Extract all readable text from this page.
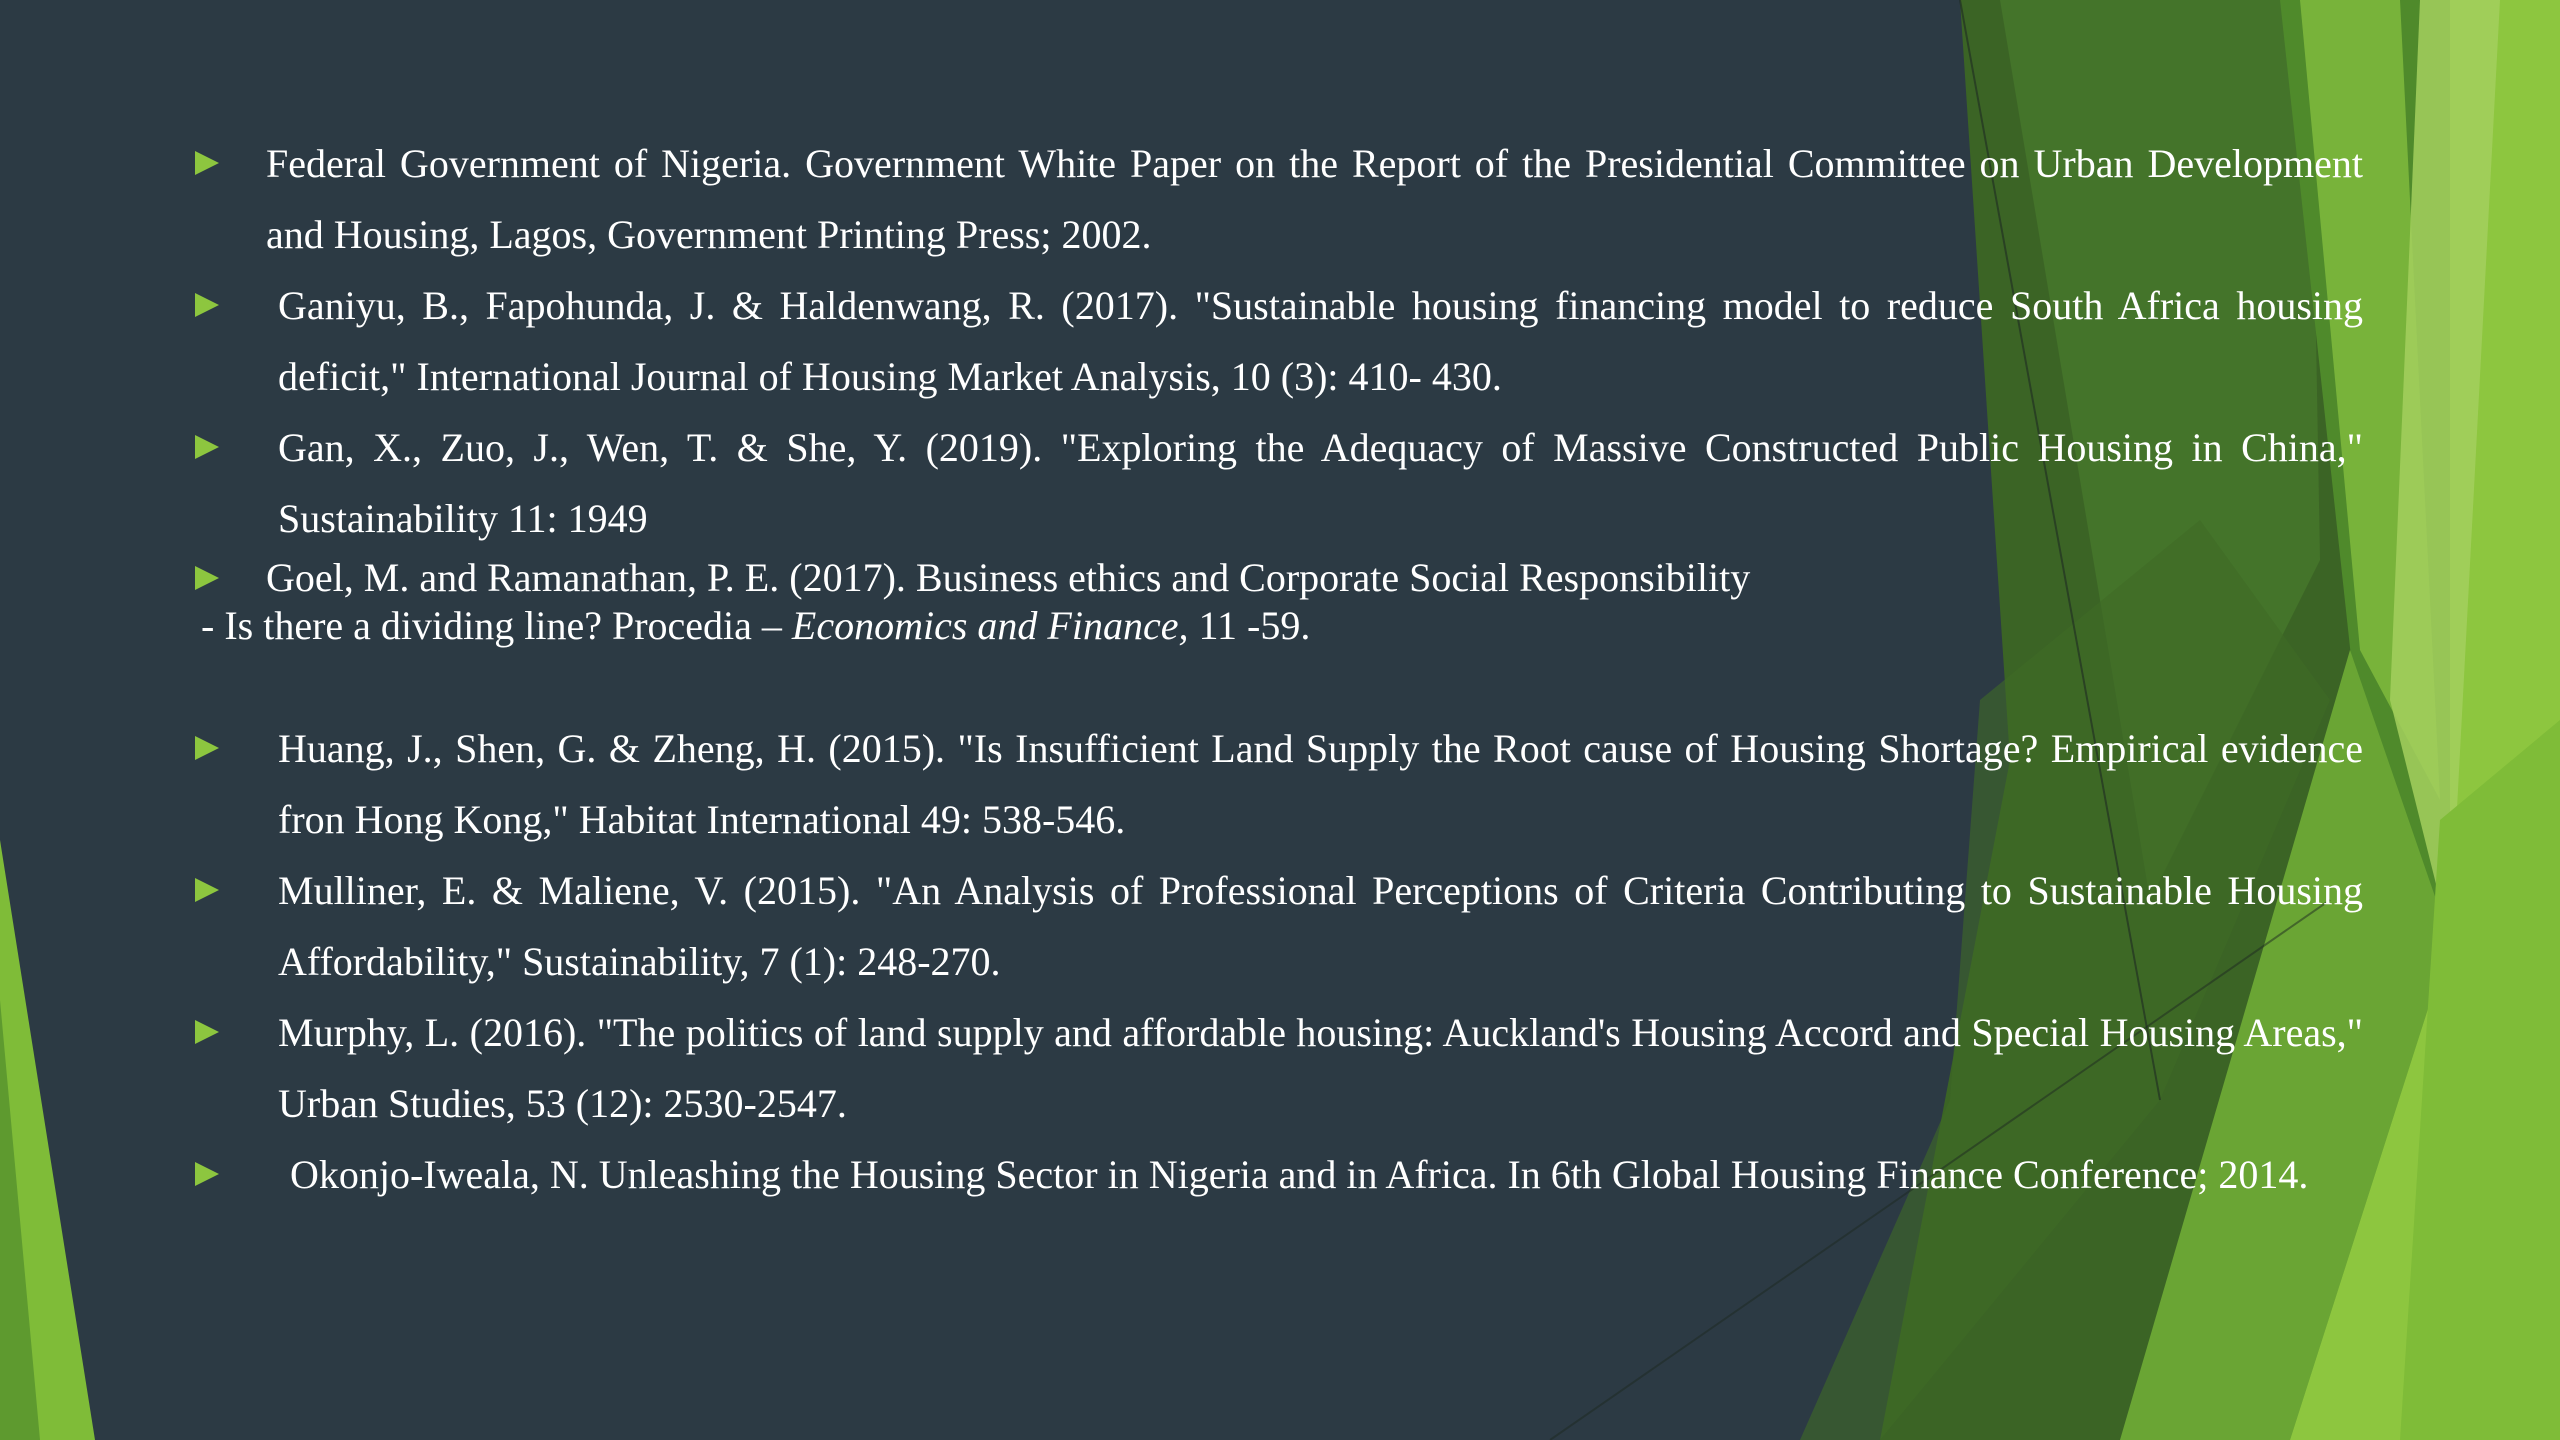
Federal Government of Nigeria. Government White Paper on the Report of the Presidential Committee on Urban Development and Housing, Lagos, Government Printing Press; 2002.
Ganiyu, B., Fapohunda, J. & Haldenwang, R. (2017). "Sustainable housing financing model to reduce South Africa housing deficit," International Journal of Housing Market Analysis, 10 (3): 410- 430.
Gan, X., Zuo, J., Wen, T. & She, Y. (2019). "Exploring the Adequacy of Massive Constructed Public Housing in China," Sustainability 11: 1949
Goel, M. and Ramanathan, P. E. (2017). Business ethics and Corporate Social Responsibility
- Is there a dividing line? Procedia – Economics and Finance, 11 -59.
Huang, J., Shen, G. & Zheng, H. (2015). "Is Insufficient Land Supply the Root cause of Housing Shortage? Empirical evidence fron Hong Kong," Habitat International 49: 538-546.
Mulliner, E. & Maliene, V. (2015). "An Analysis of Professional Perceptions of Criteria Contributing to Sustainable Housing Affordability," Sustainability, 7 (1): 248-270.
Murphy, L. (2016). "The politics of land supply and affordable housing: Auckland's Housing Accord and Special Housing Areas," Urban Studies, 53 (12): 2530-2547.
Okonjo-Iweala, N. Unleashing the Housing Sector in Nigeria and in Africa. In 6th Global Housing Finance Conference; 2014.
